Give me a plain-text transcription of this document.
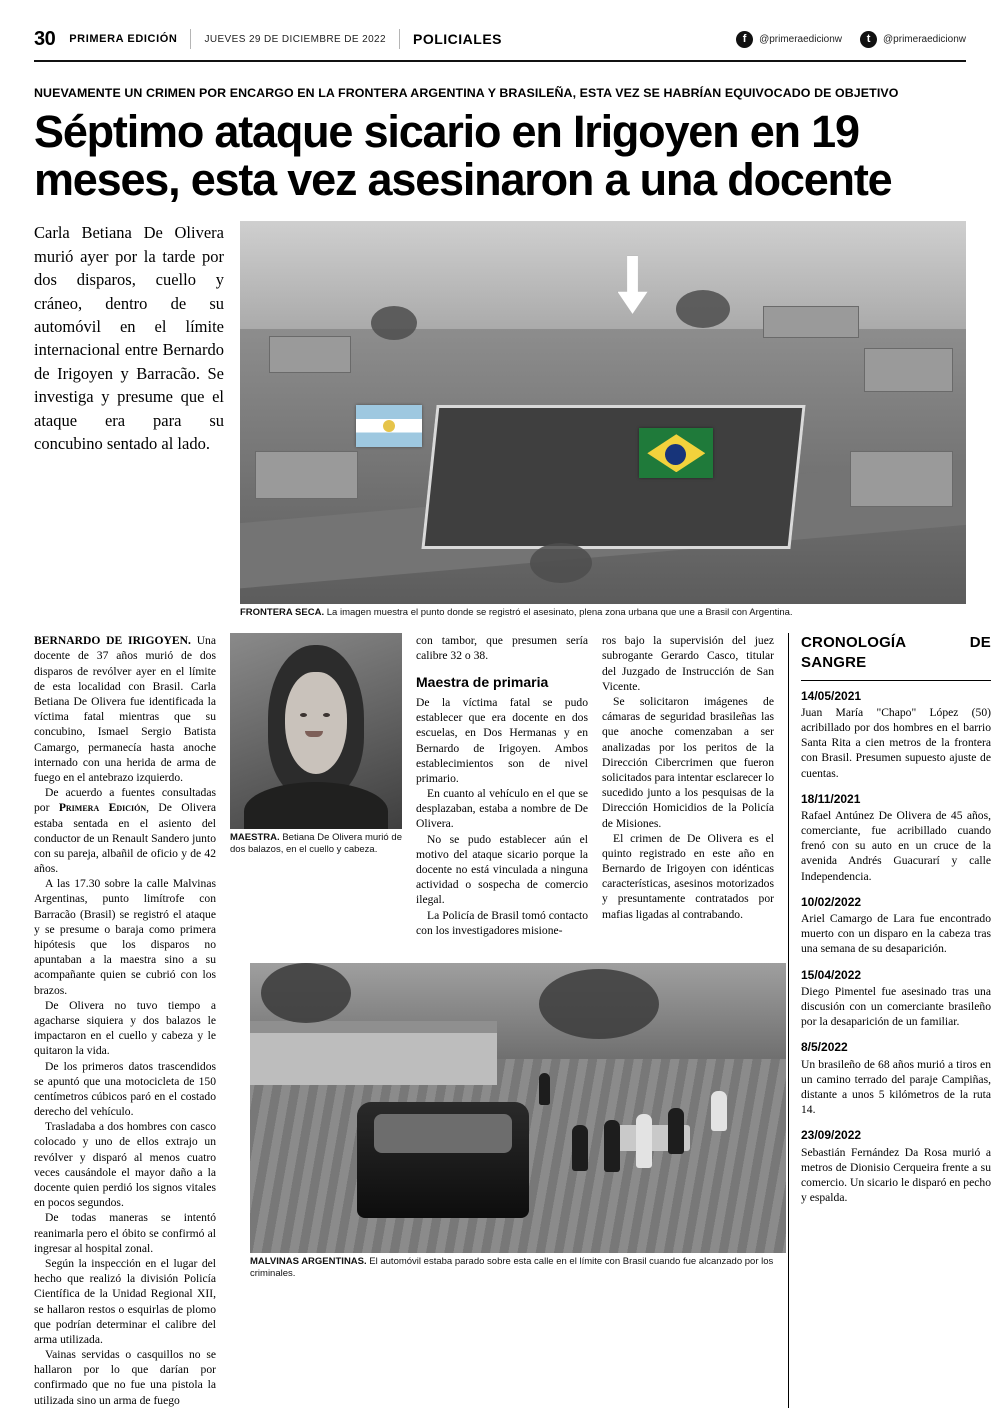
30 PRIMERA EDICIÓN	JUEVES 29 DE DICIEMBRE DE 2022 POLICIALES	f	@primeraedicionw	t	@primeraedicionw
NUEVAMENTE UN CRIMEN POR ENCARGO EN LA FRONTERA ARGENTINA Y BRASILEÑA, ESTA VEZ SE HABRÍAN EQUIVOCADO DE OBJETIVO
Séptimo ataque sicario en Irigoyen en 19 meses, esta vez asesinaron a una docente
Carla Betiana De Olivera murió ayer por la tarde por dos disparos, cuello y cráneo, dentro de su automóvil en el límite internacional entre Bernardo de Irigoyen y Barracão. Se investiga y presume que el ataque era para su concubino sentado al lado.
FRONTERA SECA. La imagen muestra el punto donde se registró el asesinato, plena zona urbana que une a Brasil con Argentina.

BERNARDO DE IRIGOYEN. Una docente de 37 años murió de dos disparos de revólver ayer en el límite de esta localidad con Brasil. Carla Betiana De Olivera fue identificada la víctima fatal mientras que su concubino, Ismael Sergio Batista Camargo, permanecía hasta anoche internado con una herida de arma de fuego en el antebrazo izquierdo.

De acuerdo a fuentes consultadas por Primera Edición, De Olivera estaba sentada en el asiento del conductor de un Renault Sandero junto con su pareja, albañil de oficio y de 42 años.

A las 17.30 sobre la calle Malvinas Argentinas, punto limítrofe con Barracão (Brasil) se registró el ataque y se presume o baraja como primera hipótesis que los disparos no apuntaban a la maestra sino a su acompañante quien se cubrió con los brazos.

De Olivera no tuvo tiempo a agacharse siquiera y dos balazos le impactaron en el cuello y cabeza y le quitaron la vida.

De los primeros datos trascendidos se apuntó que una motocicleta de 150 centímetros cúbicos paró en el costado derecho del vehículo.

Trasladaba a dos hombres con casco colocado y uno de ellos extrajo un revólver y disparó al menos cuatro veces causándole el mayor daño a la docente quien perdió los signos vitales en pocos segundos.

De todas maneras se intentó reanimarla pero el óbito se confirmó al ingresar al hospital zonal.

Según la inspección en el lugar del hecho que realizó la división Policía Científica de la Unidad Regional XII, se hallaron restos o esquirlas de plomo que podrían determinar el calibre del arma utilizada.

Vainas servidas o casquillos no se hallaron por lo que darían por confirmado que no fue una pistola la utilizada sino un arma de fuego

MAESTRA. Betiana De Olivera murió de dos balazos, en el cuello y cabeza.

con tambor, que presumen sería calibre 32 o 38.

Maestra de primaria

De la víctima fatal se pudo establecer que era docente en dos escuelas, en Dos Hermanas y en Bernardo de Irigoyen. Ambos establecimientos son de nivel primario.

En cuanto al vehículo en el que se desplazaban, estaba a nombre de De Olivera.

No se pudo establecer aún el motivo del ataque sicario porque la docente no está vinculada a ninguna actividad o sospecha de comercio ilegal.

La Policía de Brasil tomó contacto con los investigadores misione-

ros bajo la supervisión del juez subrogante Gerardo Casco, titular del Juzgado de Instrucción de San Vicente.

Se solicitaron imágenes de cámaras de seguridad brasileñas las que anoche comenzaban a ser analizadas por los peritos de la Dirección Cibercrimen que fueron solicitados para intentar esclarecer lo sucedido junto a los pesquisas de la Dirección Homicidios de la Policía de Misiones.

El crimen de De Olivera es el quinto registrado en este año en Bernardo de Irigoyen con idénticas características, asesinos motorizados y presuntamente contratados por mafias ligadas al contrabando.

CRONOLOGÍA DE SANGRE
14/05/2021
Juan María "Chapo" López (50) acribillado por dos hombres en el barrio Santa Rita a cien metros de la frontera con Brasil. Presumen supuesto ajuste de cuentas.
18/11/2021
Rafael Antúnez De Olivera de 45 años, comerciante, fue acribillado cuando frenó con su auto en un cruce de la avenida Andrés Guacurarí y calle Independencia.
10/02/2022
Ariel Camargo de Lara fue encontrado muerto con un disparo en la cabeza tras una semana de su desaparición.
15/04/2022
Diego Pimentel fue asesinado tras una discusión con un comerciante brasileño por la desaparición de un familiar.
8/5/2022
Un brasileño de 68 años murió a tiros en un camino terrado del paraje Campiñas, distante a unos 5 kilómetros de la ruta 14.
23/09/2022
Sebastián Fernández Da Rosa murió a metros de Dionisio Cerqueira frente a su comercio. Un sicario le disparó en pecho y espalda.
MALVINAS ARGENTINAS. El automóvil estaba parado sobre esta calle en el límite con Brasil cuando fue alcanzado por los criminales.
